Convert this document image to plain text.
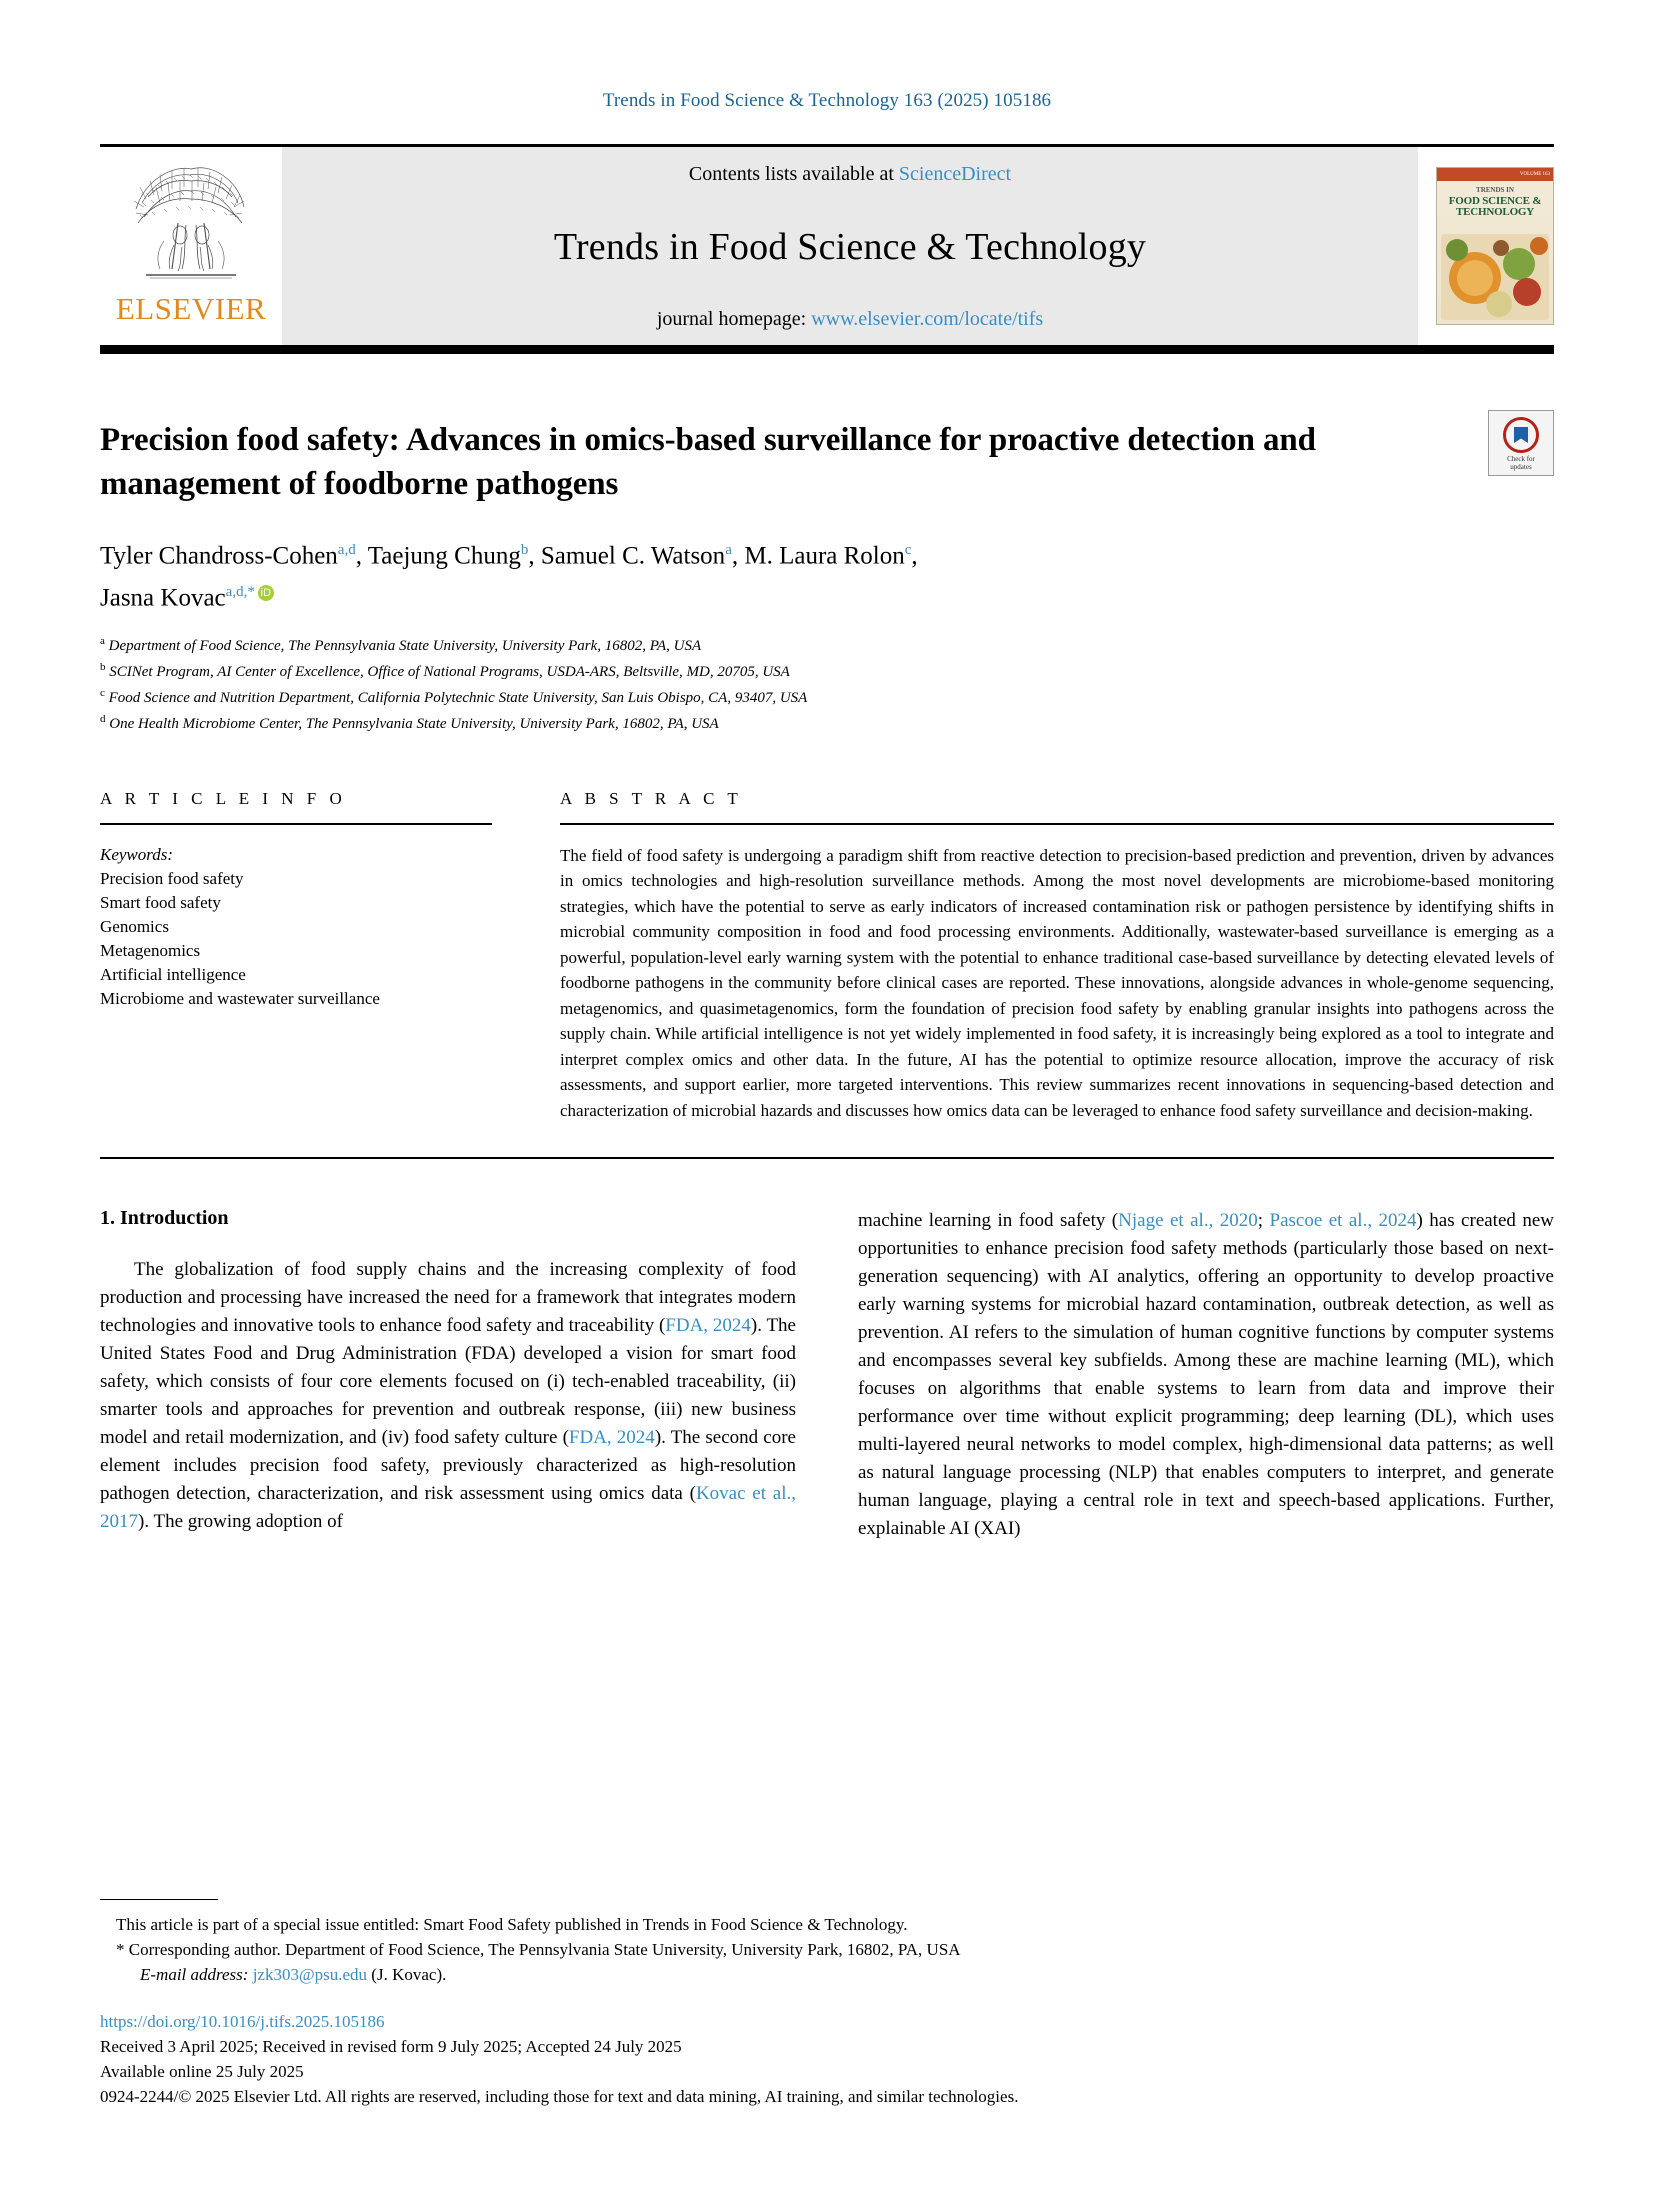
Trends in Food Science & Technology 163 (2025) 105186
ELSEVIER
Contents lists available at ScienceDirect
Trends in Food Science & Technology
journal homepage: www.elsevier.com/locate/tifs
VOLUME 163
TRENDS IN
FOOD SCIENCE & TECHNOLOGY
Check for
updates
Precision food safety: Advances in omics-based surveillance for proactive detection and management of foodborne pathogens
Tyler Chandross-Cohen$^{a,d}$, Taejung Chung$^b$, Samuel C. Watson$^a$, M. Laura Rolon$^c$,
Jasna Kovac$^{a,d,*}$ iD
$^a$ Department of Food Science, The Pennsylvania State University, University Park, 16802, PA, USA
$^b$ SCINet Program, AI Center of Excellence, Office of National Programs, USDA-ARS, Beltsville, MD, 20705, USA
$^c$ Food Science and Nutrition Department, California Polytechnic State University, San Luis Obispo, CA, 93407, USA
$^d$ One Health Microbiome Center, The Pennsylvania State University, University Park, 16802, PA, USA
A R T I C L E I N F O
Keywords:
Precision food safety
Smart food safety
Genomics
Metagenomics
Artificial intelligence
Microbiome and wastewater surveillance
A B S T R A C T
The field of food safety is undergoing a paradigm shift from reactive detection to precision-based prediction and prevention, driven by advances in omics technologies and high-resolution surveillance methods. Among the most novel developments are microbiome-based monitoring strategies, which have the potential to serve as early indicators of increased contamination risk or pathogen persistence by identifying shifts in microbial community composition in food and food processing environments. Additionally, wastewater-based surveillance is emerging as a powerful, population-level early warning system with the potential to enhance traditional case-based surveillance by detecting elevated levels of foodborne pathogens in the community before clinical cases are reported. These innovations, alongside advances in whole-genome sequencing, metagenomics, and quasimetagenomics, form the foundation of precision food safety by enabling granular insights into pathogens across the supply chain. While artificial intelligence is not yet widely implemented in food safety, it is increasingly being explored as a tool to integrate and interpret complex omics and other data. In the future, AI has the potential to optimize resource allocation, improve the accuracy of risk assessments, and support earlier, more targeted interventions. This review summarizes recent innovations in sequencing-based detection and characterization of microbial hazards and discusses how omics data can be leveraged to enhance food safety surveillance and decision-making.
1. Introduction

The globalization of food supply chains and the increasing complexity of food production and processing have increased the need for a framework that integrates modern technologies and innovative tools to enhance food safety and traceability (FDA, 2024). The United States Food and Drug Administration (FDA) developed a vision for smart food safety, which consists of four core elements focused on (i) tech-enabled traceability, (ii) smarter tools and approaches for prevention and outbreak response, (iii) new business model and retail modernization, and (iv) food safety culture (FDA, 2024). The second core element includes precision food safety, previously characterized as high-resolution pathogen detection, characterization, and risk assessment using omics data (Kovac et al., 2017). The growing adoption of

machine learning in food safety (Njage et al., 2020; Pascoe et al., 2024) has created new opportunities to enhance precision food safety methods (particularly those based on next-generation sequencing) with AI analytics, offering an opportunity to develop proactive early warning systems for microbial hazard contamination, outbreak detection, as well as prevention. AI refers to the simulation of human cognitive functions by computer systems and encompasses several key subfields. Among these are machine learning (ML), which focuses on algorithms that enable systems to learn from data and improve their performance over time without explicit programming; deep learning (DL), which uses multi-layered neural networks to model complex, high-dimensional data patterns; as well as natural language processing (NLP) that enables computers to interpret, and generate human language, playing a central role in text and speech-based applications. Further, explainable AI (XAI)

This article is part of a special issue entitled: Smart Food Safety published in Trends in Food Science & Technology.
* Corresponding author. Department of Food Science, The Pennsylvania State University, University Park, 16802, PA, USA
E-mail address: jzk303@psu.edu (J. Kovac).
https://doi.org/10.1016/j.tifs.2025.105186
Received 3 April 2025; Received in revised form 9 July 2025; Accepted 24 July 2025
Available online 25 July 2025
0924-2244/© 2025 Elsevier Ltd. All rights are reserved, including those for text and data mining, AI training, and similar technologies.
